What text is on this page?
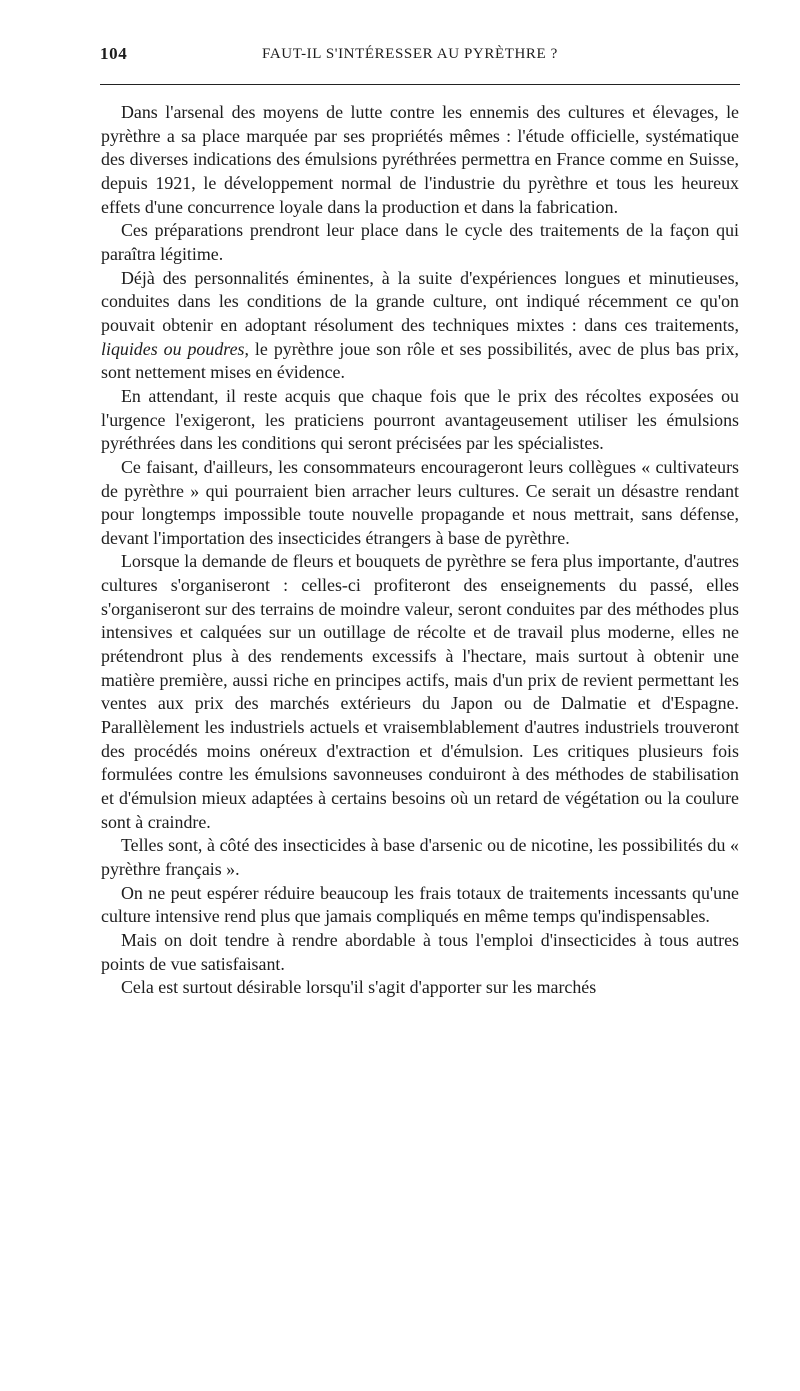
104	FAUT-IL S'INTÉRESSER AU PYRÈTHRE ?

Dans l'arsenal des moyens de lutte contre les ennemis des cultures et élevages, le pyrèthre a sa place marquée par ses propriétés mêmes : l'étude officielle, systématique des diverses indications des émulsions pyréthrées permettra en France comme en Suisse, depuis 1921, le développement normal de l'industrie du pyrèthre et tous les heureux effets d'une concurrence loyale dans la production et dans la fabrication.

Ces préparations prendront leur place dans le cycle des traitements de la façon qui paraîtra légitime.

Déjà des personnalités éminentes, à la suite d'expériences longues et minutieuses, conduites dans les conditions de la grande culture, ont indiqué récemment ce qu'on pouvait obtenir en adoptant résolument des techniques mixtes : dans ces traitements, liquides ou poudres, le pyrèthre joue son rôle et ses possibilités, avec de plus bas prix, sont nettement mises en évidence.

En attendant, il reste acquis que chaque fois que le prix des récoltes exposées ou l'urgence l'exigeront, les praticiens pourront avantageusement utiliser les émulsions pyréthrées dans les conditions qui seront précisées par les spécialistes.

Ce faisant, d'ailleurs, les consommateurs encourageront leurs collègues « cultivateurs de pyrèthre » qui pourraient bien arracher leurs cultures. Ce serait un désastre rendant pour longtemps impossible toute nouvelle propagande et nous mettrait, sans défense, devant l'importation des insecticides étrangers à base de pyrèthre.

Lorsque la demande de fleurs et bouquets de pyrèthre se fera plus importante, d'autres cultures s'organiseront : celles-ci profiteront des enseignements du passé, elles s'organiseront sur des terrains de moindre valeur, seront conduites par des méthodes plus intensives et calquées sur un outillage de récolte et de travail plus moderne, elles ne prétendront plus à des rendements excessifs à l'hectare, mais surtout à obtenir une matière première, aussi riche en principes actifs, mais d'un prix de revient permettant les ventes aux prix des marchés extérieurs du Japon ou de Dalmatie et d'Espagne. Parallèlement les industriels actuels et vraisemblablement d'autres industriels trouveront des procédés moins onéreux d'extraction et d'émulsion. Les critiques plusieurs fois formulées contre les émulsions savonneuses conduiront à des méthodes de stabilisation et d'émulsion mieux adaptées à certains besoins où un retard de végétation ou la coulure sont à craindre.

Telles sont, à côté des insecticides à base d'arsenic ou de nicotine, les possibilités du « pyrèthre français ».

On ne peut espérer réduire beaucoup les frais totaux de traitements incessants qu'une culture intensive rend plus que jamais compliqués en même temps qu'indispensables.

Mais on doit tendre à rendre abordable à tous l'emploi d'insecticides à tous autres points de vue satisfaisant.

Cela est surtout désirable lorsqu'il s'agit d'apporter sur les marchés
